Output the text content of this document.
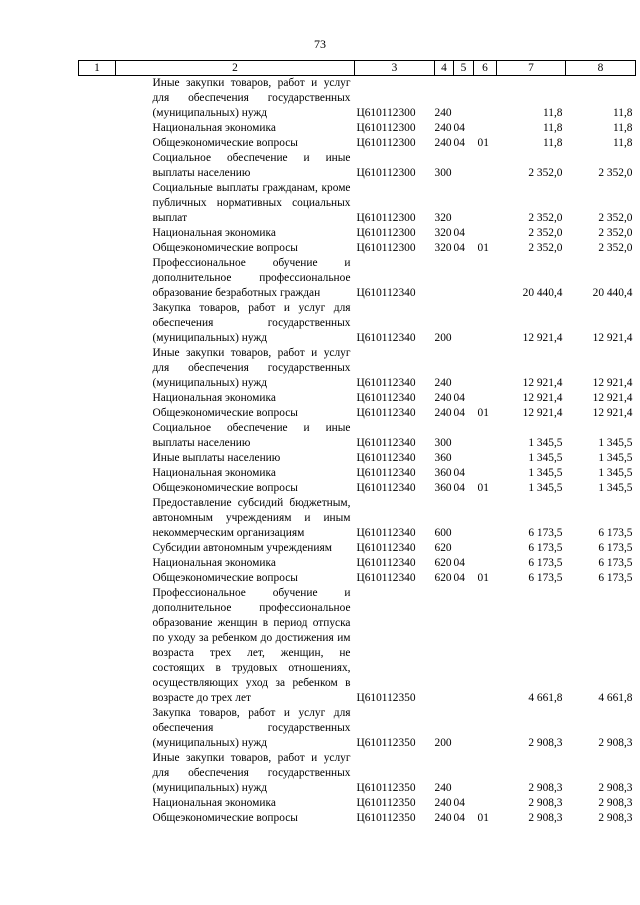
73
1	2	3	4	5	6	7	8
	Иные закупки товаров, работ и услуг для обеспечения государственных (муниципальных) нужд	Ц610112300	240			11,8	11,8
	Национальная экономика	Ц610112300	240	04		11,8	11,8
	Общеэкономические вопросы	Ц610112300	240	04	01	11,8	11,8
	Социальное обеспечение и иные выплаты населению	Ц610112300	300			2 352,0	2 352,0
	Социальные выплаты гражданам, кроме публичных нормативных социальных выплат	Ц610112300	320			2 352,0	2 352,0
	Национальная экономика	Ц610112300	320	04		2 352,0	2 352,0
	Общеэкономические вопросы	Ц610112300	320	04	01	2 352,0	2 352,0
	Профессиональное обучение и дополнительное профессиональное образование безработных граждан	Ц610112340				20 440,4	20 440,4
	Закупка товаров, работ и услуг для обеспечения государственных (муниципальных) нужд	Ц610112340	200			12 921,4	12 921,4
	Иные закупки товаров, работ и услуг для обеспечения государственных (муниципальных) нужд	Ц610112340	240			12 921,4	12 921,4
	Национальная экономика	Ц610112340	240	04		12 921,4	12 921,4
	Общеэкономические вопросы	Ц610112340	240	04	01	12 921,4	12 921,4
	Социальное обеспечение и иные выплаты населению	Ц610112340	300			1 345,5	1 345,5
	Иные выплаты населению	Ц610112340	360			1 345,5	1 345,5
	Национальная экономика	Ц610112340	360	04		1 345,5	1 345,5
	Общеэкономические вопросы	Ц610112340	360	04	01	1 345,5	1 345,5
	Предоставление субсидий бюджетным, автономным учреждениям и иным некоммерческим организациям	Ц610112340	600			6 173,5	6 173,5
	Субсидии автономным учреждениям	Ц610112340	620			6 173,5	6 173,5
	Национальная экономика	Ц610112340	620	04		6 173,5	6 173,5
	Общеэкономические вопросы	Ц610112340	620	04	01	6 173,5	6 173,5
	Профессиональное обучение и дополнительное профессиональное образование женщин в период отпуска по уходу за ребенком до достижения им возраста трех лет, женщин, не состоящих в трудовых отношениях, осуществляющих уход за ребенком в возрасте до трех лет	Ц610112350				4 661,8	4 661,8
	Закупка товаров, работ и услуг для обеспечения государственных (муниципальных) нужд	Ц610112350	200			2 908,3	2 908,3
	Иные закупки товаров, работ и услуг для обеспечения государственных (муниципальных) нужд	Ц610112350	240			2 908,3	2 908,3
	Национальная экономика	Ц610112350	240	04		2 908,3	2 908,3
	Общеэкономические вопросы	Ц610112350	240	04	01	2 908,3	2 908,3
